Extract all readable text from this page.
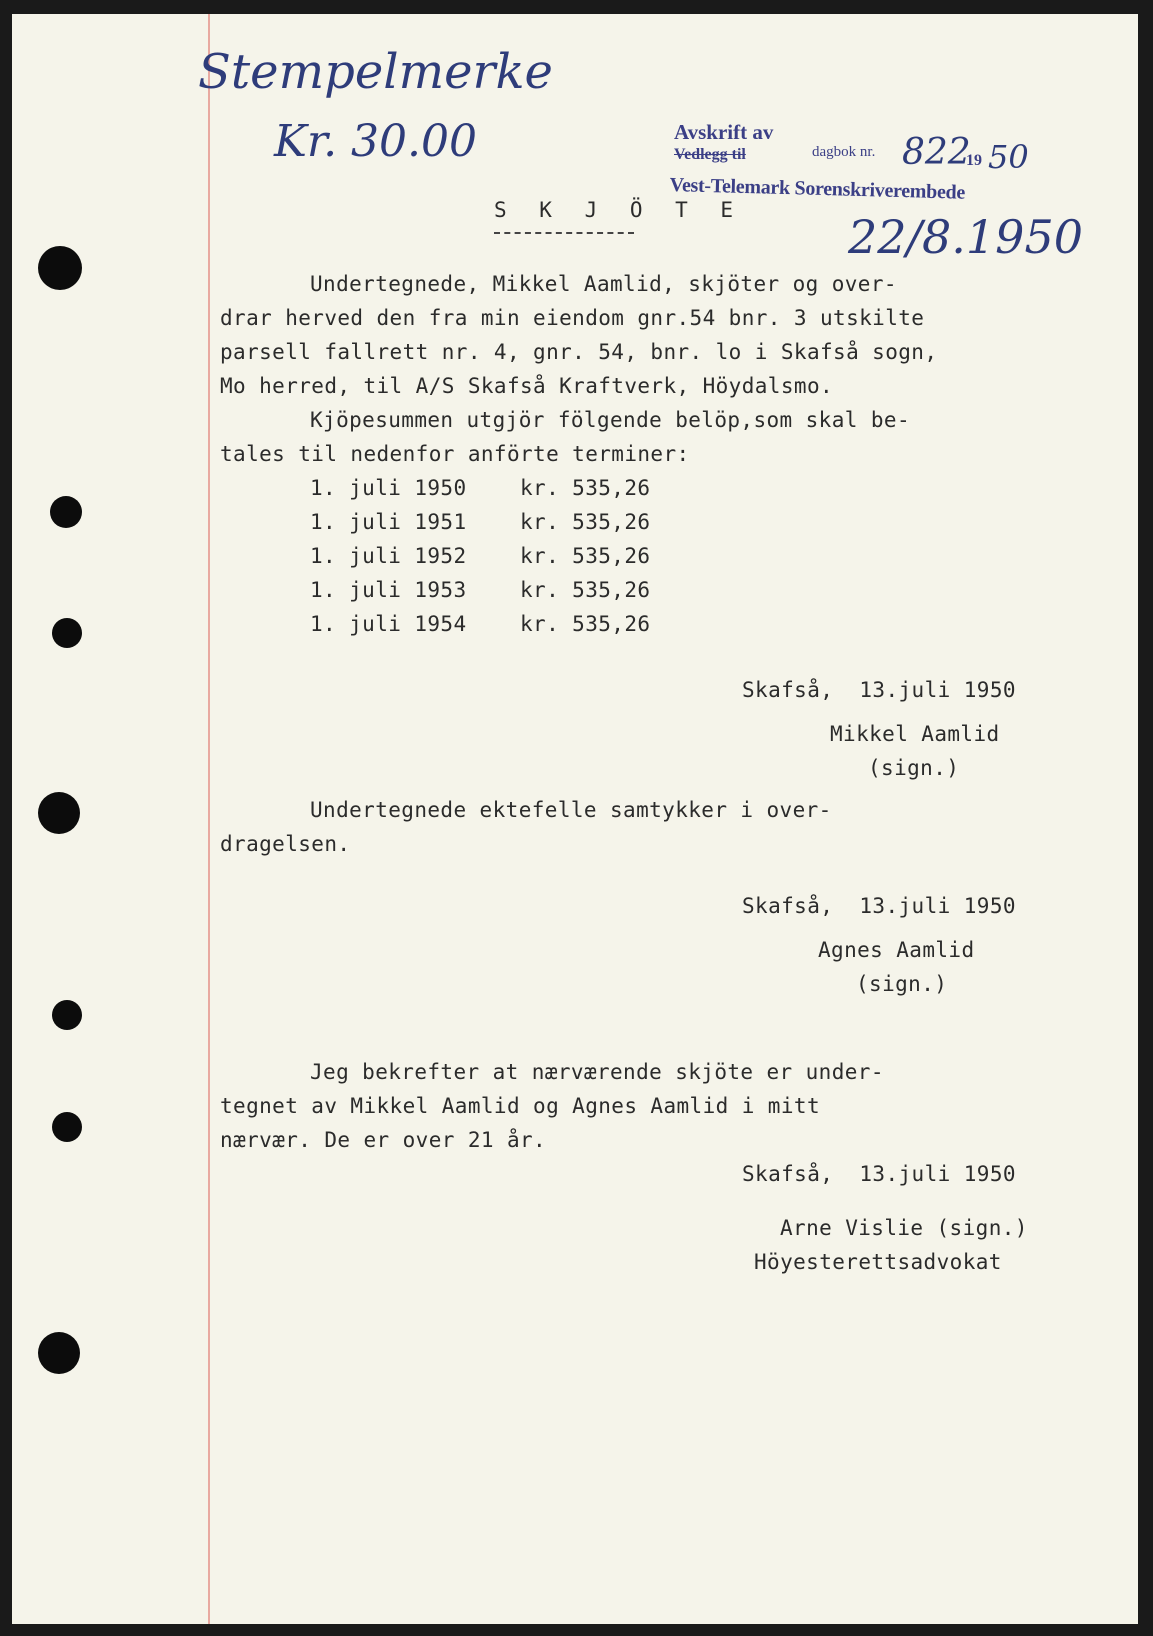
Stempelmerke

Kr. 30.00	Avskrift av

dagbok nr. 822

19 50

Vedlegg til

Vest-Telemark Sorenskriverembede

22/8.1950

S K J Ö T E

Undertegnede, Mikkel Aamlid, skjöter og over-

drar herved den fra min eiendom gnr.54 bnr. 3 utskilte

parsell fallrett nr. 4, gnr. 54, bnr. lo i Skafså sogn,

Mo herred, til A/S Skafså Kraftverk, Höydalsmo.

Kjöpesummen utgjör fölgende belöp,som skal be-

tales til nedenfor anförte terminer:

1. juli 1950	kr. 535,26

1. juli 1951	kr. 535,26

1. juli 1952	kr. 535,26

1. juli 1953	kr. 535,26

1. juli 1954	kr. 535,26

Skafså,  13.juli 1950

Mikkel Aamlid

(sign.)

Undertegnede ektefelle samtykker i over-

dragelsen.

Skafså,  13.juli 1950

Agnes Aamlid

(sign.)

Jeg bekrefter at nærværende skjöte er under-

tegnet av Mikkel Aamlid og Agnes Aamlid i mitt

nærvær. De er over 21 år.

Skafså,  13.juli 1950

Arne Vislie (sign.)

Höyesterettsadvokat
